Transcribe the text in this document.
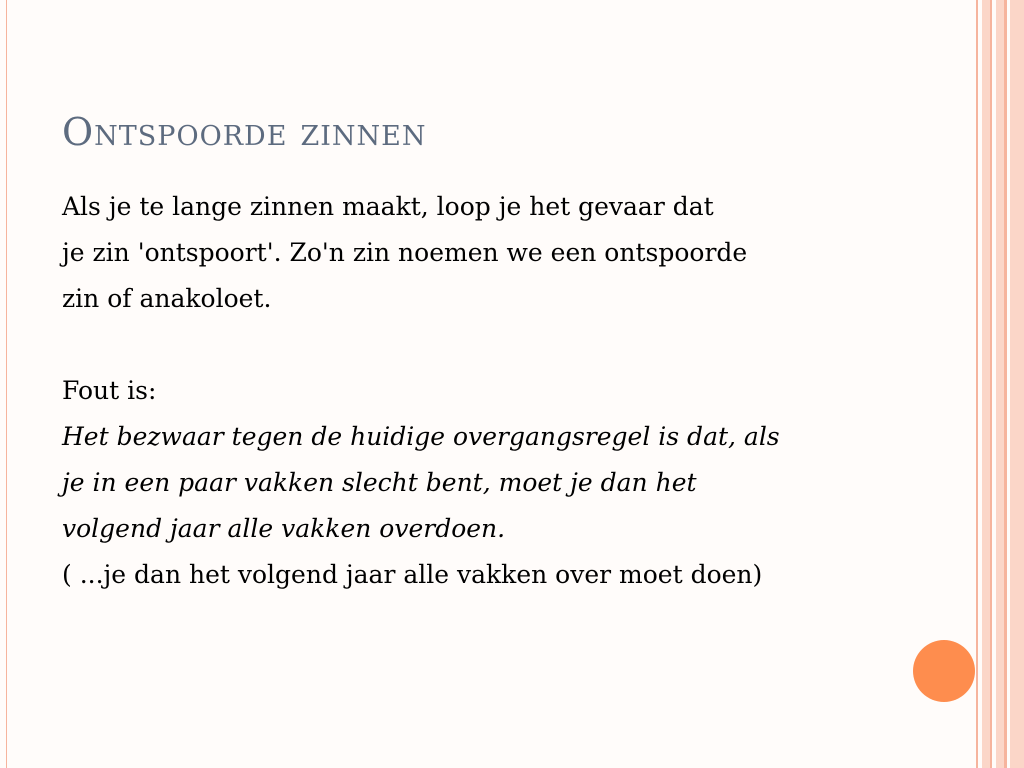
Ontspoorde zinnen
Als je te lange zinnen maakt, loop je het gevaar dat
je zin 'ontspoort'. Zo'n zin noemen we een ontspoorde
zin of anakoloet.
Fout is:
Het bezwaar tegen de huidige overgangsregel is dat, als
je in een paar vakken slecht bent, moet je dan het
volgend jaar alle vakken overdoen.
( ...je dan het volgend jaar alle vakken over moet doen)
